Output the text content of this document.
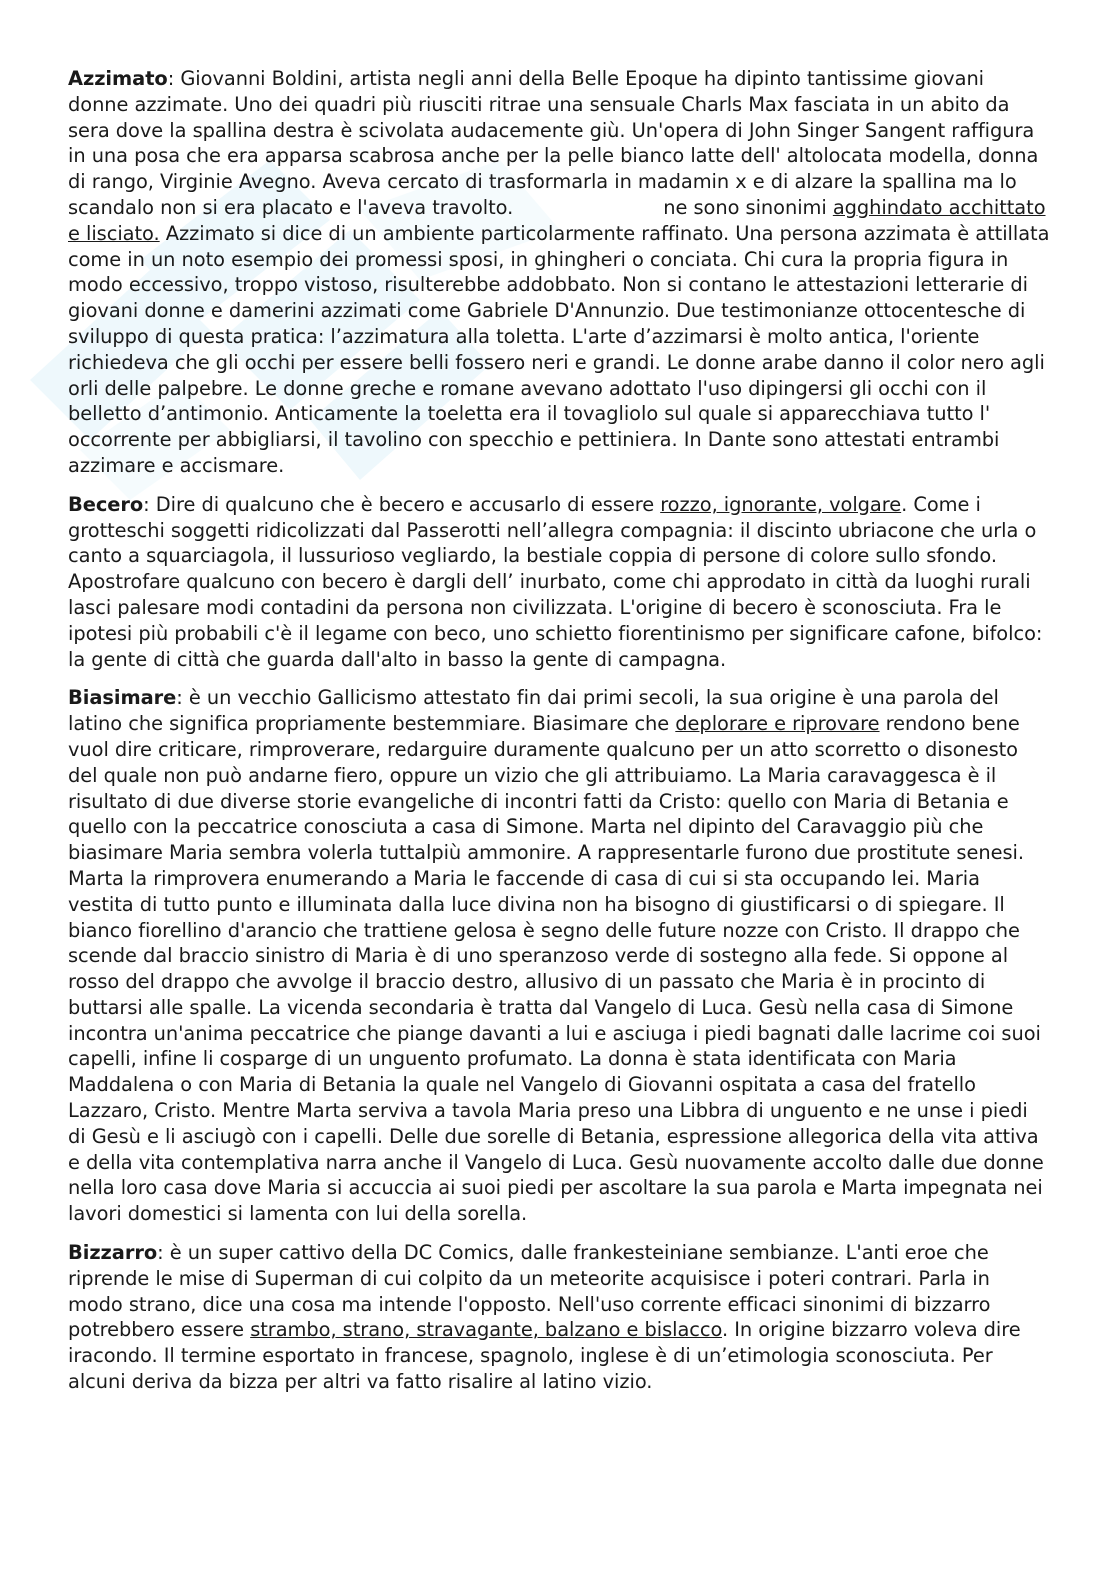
Azzimato: Giovanni Boldini, artista negli anni della Belle Epoque ha dipinto tantissime giovani donne azzimate. Uno dei quadri più riusciti ritrae una sensuale Charls Max fasciata in un abito da sera dove la spallina destra è scivolata audacemente giù. Un'opera di John Singer Sangent raffigura in una posa che era apparsa scabrosa anche per la pelle bianco latte dell' altolocata modella, donna di rango, Virginie Avegno. Aveva cercato di trasformarla in madamin x e di alzare la spallina ma lo scandalo non si era placato e l'aveva travolto.	ne sono sinonimi agghindato acchittato e lisciato. Azzimato si dice di un ambiente particolarmente raffinato. Una persona azzimata è attillata come in un noto esempio dei promessi sposi, in ghingheri o conciata. Chi cura la propria figura in modo eccessivo, troppo vistoso, risulterebbe addobbato. Non si contano le attestazioni letterarie di giovani donne e damerini azzimati come Gabriele D'Annunzio. Due testimonianze ottocentesche di sviluppo di questa pratica: l’azzimatura alla toletta. L'arte d’azzimarsi è molto antica, l'oriente richiedeva che gli occhi per essere belli fossero neri e grandi. Le donne arabe danno il color nero agli orli delle palpebre. Le donne greche e romane avevano adottato l'uso dipingersi gli occhi con il belletto d’antimonio. Anticamente la toeletta era il tovagliolo sul quale si apparecchiava tutto l' occorrente per abbigliarsi, il tavolino con specchio e pettiniera. In Dante sono attestati entrambi azzimare e accismare.

Becero: Dire di qualcuno che è becero e accusarlo di essere rozzo, ignorante, volgare. Come i grotteschi soggetti ridicolizzati dal Passerotti nell’allegra compagnia: il discinto ubriacone che urla o canto a squarciagola, il lussurioso vegliardo, la bestiale coppia di persone di colore sullo sfondo. Apostrofare qualcuno con becero è dargli dell’ inurbato, come chi approdato in città da luoghi rurali lasci palesare modi contadini da persona non civilizzata. L'origine di becero è sconosciuta. Fra le ipotesi più probabili c'è il legame con beco, uno schietto fiorentinismo per significare cafone, bifolco: la gente di città che guarda dall'alto in basso la gente di campagna.

Biasimare: è un vecchio Gallicismo attestato fin dai primi secoli, la sua origine è una parola del latino che significa propriamente bestemmiare. Biasimare che deplorare e riprovare rendono bene vuol dire criticare, rimproverare, redarguire duramente qualcuno per un atto scorretto o disonesto del quale non può andarne fiero, oppure un vizio che gli attribuiamo. La Maria caravaggesca è il risultato di due diverse storie evangeliche di incontri fatti da Cristo: quello con Maria di Betania e quello con la peccatrice conosciuta a casa di Simone. Marta nel dipinto del Caravaggio più che biasimare Maria sembra volerla tuttalpiù ammonire. A rappresentarle furono due prostitute senesi. Marta la rimprovera enumerando a Maria le faccende di casa di cui si sta occupando lei. Maria vestita di tutto punto e illuminata dalla luce divina non ha bisogno di giustificarsi o di spiegare. Il bianco fiorellino d'arancio che trattiene gelosa è segno delle future nozze con Cristo. Il drappo che scende dal braccio sinistro di Maria è di uno speranzoso verde di sostegno alla fede. Si oppone al rosso del drappo che avvolge il braccio destro, allusivo di un passato che Maria è in procinto di buttarsi alle spalle. La vicenda secondaria è tratta dal Vangelo di Luca. Gesù nella casa di Simone incontra un'anima peccatrice che piange davanti a lui e asciuga i piedi bagnati dalle lacrime coi suoi capelli, infine li cosparge di un unguento profumato. La donna è stata identificata con Maria Maddalena o con Maria di Betania la quale nel Vangelo di Giovanni ospitata a casa del fratello Lazzaro, Cristo. Mentre Marta serviva a tavola Maria preso una Libbra di unguento e ne unse i piedi di Gesù e li asciugò con i capelli. Delle due sorelle di Betania, espressione allegorica della vita attiva e della vita contemplativa narra anche il Vangelo di Luca. Gesù nuovamente accolto dalle due donne nella loro casa dove Maria si accuccia ai suoi piedi per ascoltare la sua parola e Marta impegnata nei lavori domestici si lamenta con lui della sorella.

Bizzarro: è un super cattivo della DC Comics, dalle frankesteiniane sembianze. L'anti eroe che riprende le mise di Superman di cui colpito da un meteorite acquisisce i poteri contrari. Parla in modo strano, dice una cosa ma intende l'opposto. Nell'uso corrente efficaci sinonimi di bizzarro potrebbero essere strambo, strano, stravagante, balzano e bislacco. In origine bizzarro voleva dire iracondo. Il termine esportato in francese, spagnolo, inglese è di un’etimologia sconosciuta. Per alcuni deriva da bizza per altri va fatto risalire al latino vizio.
